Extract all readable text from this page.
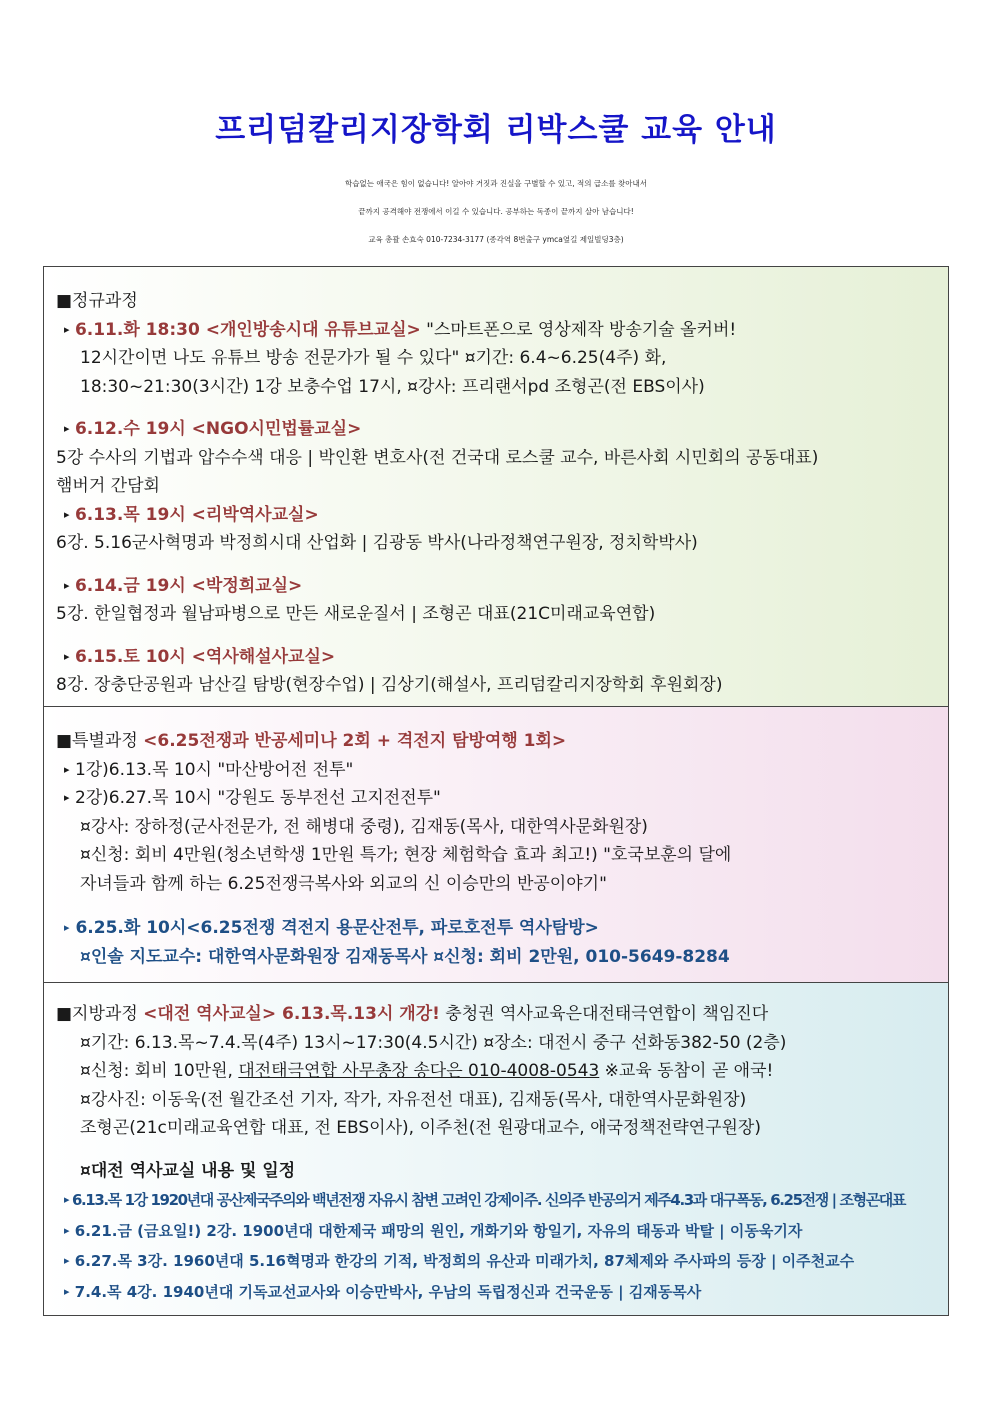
프리덤칼리지장학회 리박스쿨 교육 안내
학습없는 애국은 힘이 없습니다! 알아야 거짓과 진실을 구별할 수 있고, 적의 급소를 찾아내서
끝까지 공격해야 전쟁에서 이길 수 있습니다. 공부하는 독종이 끝까지 살아 남습니다!
교육 총괄 손효숙 010-7234-3177 (종각역 8번출구 ymca옆길 제일빌딩3층)
■정규과정
▸ 6.11.화 18:30 <개인방송시대 유튜브교실> "스마트폰으로 영상제작 방송기술 올커버!
12시간이면 나도 유튜브 방송 전문가가 될 수 있다" ¤기간: 6.4~6.25(4주) 화,
18:30~21:30(3시간) 1강 보충수업 17시, ¤강사: 프리랜서pd 조형곤(전 EBS이사)
▸ 6.12.수 19시 <NGO시민법률교실>
5강 수사의 기법과 압수수색 대응 | 박인환 변호사(전 건국대 로스쿨 교수, 바른사회 시민회의 공동대표)
햄버거 간담회
▸ 6.13.목 19시 <리박역사교실>
6강. 5.16군사혁명과 박정희시대 산업화 | 김광동 박사(나라정책연구원장, 정치학박사)
▸ 6.14.금 19시 <박정희교실>
5강. 한일협정과 월남파병으로 만든 새로운질서 | 조형곤 대표(21C미래교육연합)
▸ 6.15.토 10시 <역사해설사교실>
8강. 장충단공원과 남산길 탐방(현장수업) | 김상기(해설사, 프리덤칼리지장학회 후원회장)
■특별과정 <6.25전쟁과 반공세미나 2회 + 격전지 탐방여행 1회>
▸ 1강)6.13.목 10시 "마산방어전 전투"
▸ 2강)6.27.목 10시 "강원도 동부전선 고지전전투"
¤강사: 장하정(군사전문가, 전 해병대 중령), 김재동(목사, 대한역사문화원장)
¤신청: 회비 4만원(청소년학생 1만원 특가; 현장 체험학습 효과 최고!) "호국보훈의 달에
자녀들과 함께 하는 6.25전쟁극복사와 외교의 신 이승만의 반공이야기"
▸ 6.25.화 10시<6.25전쟁 격전지 용문산전투, 파로호전투 역사탐방>
¤인솔 지도교수: 대한역사문화원장 김재동목사 ¤신청: 회비 2만원, 010-5649-8284
■지방과정 <대전 역사교실> 6.13.목.13시 개강! 충청권 역사교육은대전태극연합이 책임진다
¤기간: 6.13.목~7.4.목(4주) 13시~17:30(4.5시간) ¤장소: 대전시 중구 선화동382-50 (2층)
¤신청: 회비 10만원, 대전태극연합 사무총장 송다은 010-4008-0543 ※교육 동참이 곧 애국!
¤강사진: 이동욱(전 월간조선 기자, 작가, 자유전선 대표), 김재동(목사, 대한역사문화원장)
조형곤(21c미래교육연합 대표, 전 EBS이사), 이주천(전 원광대교수, 애국정책전략연구원장)
¤대전 역사교실 내용 및 일정
▸ 6.13.목 1강 1920년대 공산제국주의와 백년전쟁 자유시 참변 고려인 강제이주. 신의주 반공의거 제주4.3과 대구폭동, 6.25전쟁 | 조형곤대표
▸ 6.21.금 (금요일!) 2강. 1900년대 대한제국 패망의 원인, 개화기와 항일기, 자유의 태동과 박탈 | 이동욱기자
▸ 6.27.목 3강. 1960년대 5.16혁명과 한강의 기적, 박정희의 유산과 미래가치, 87체제와 주사파의 등장 | 이주천교수
▸ 7.4.목 4강. 1940년대 기독교선교사와 이승만박사, 우남의 독립정신과 건국운동 | 김재동목사
